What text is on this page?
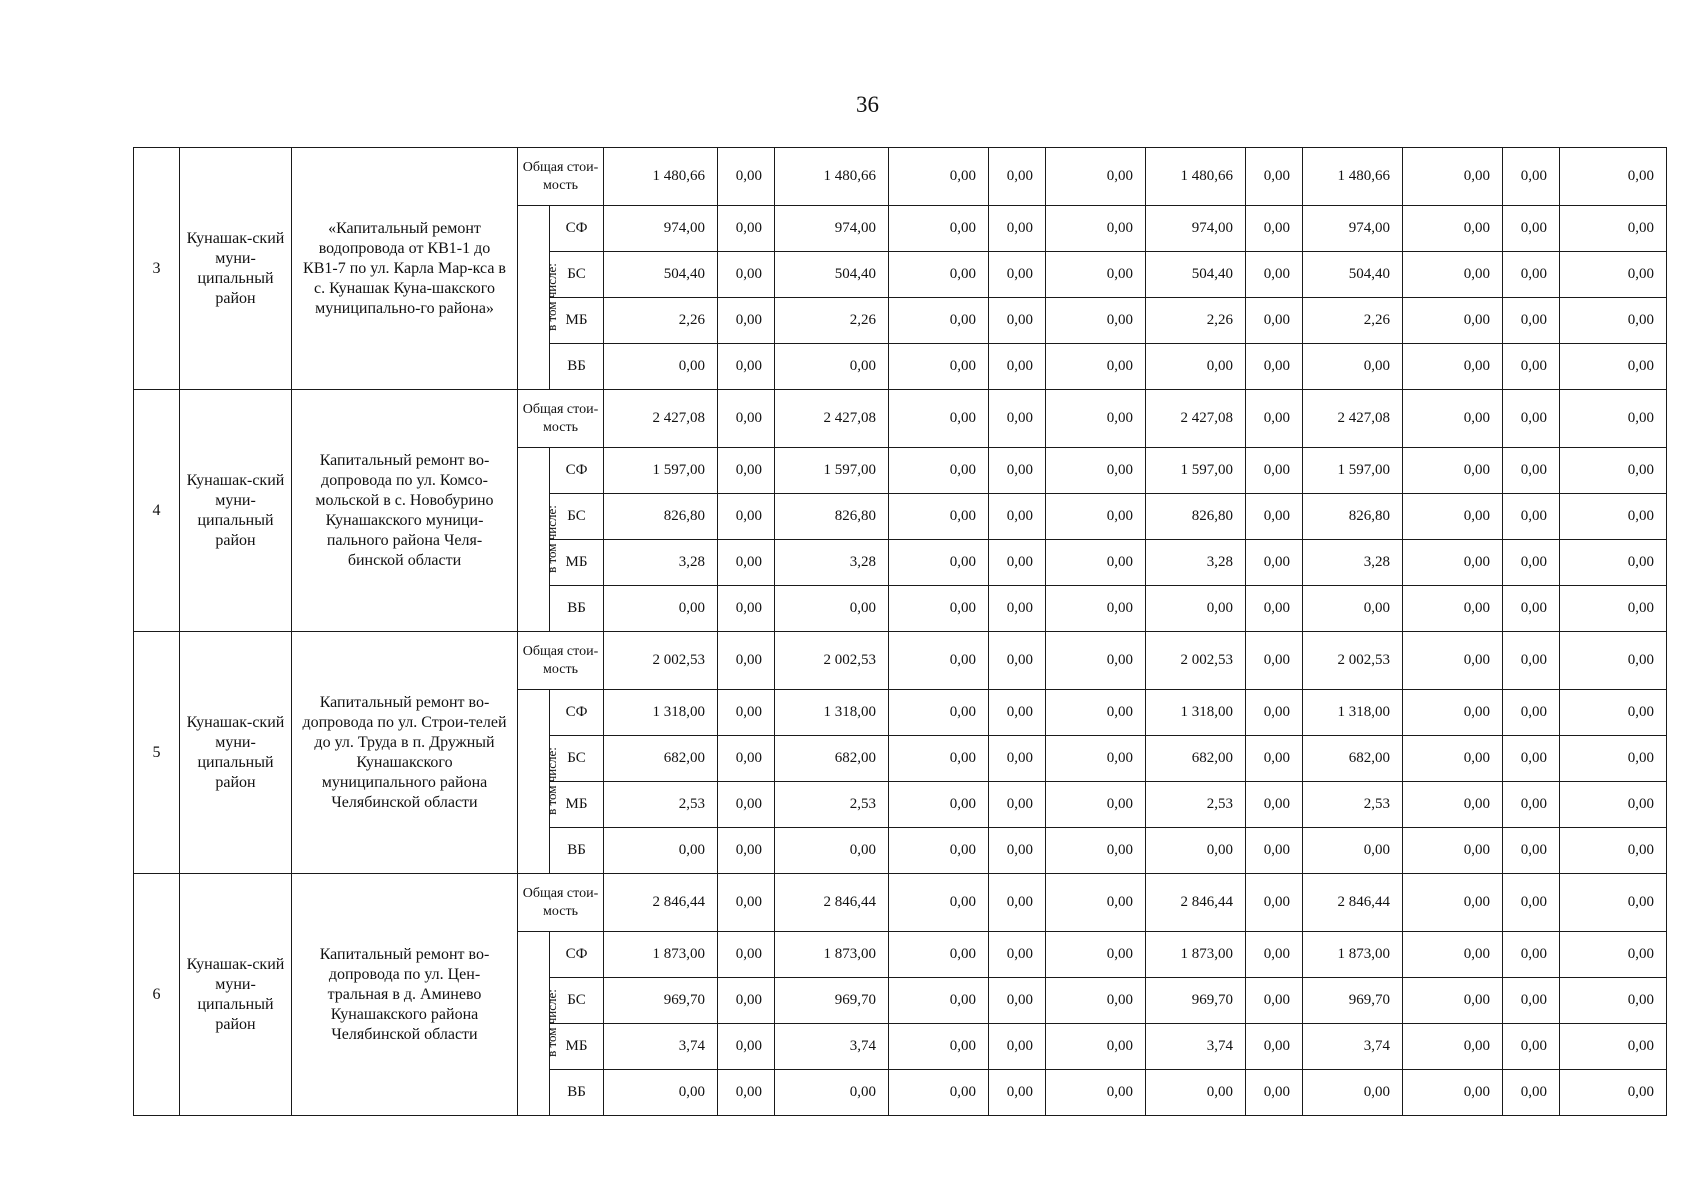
36
3	Кунашак-ский муни-ципальный район	«Капитальный ремонт водопровода от КВ1-1 до КВ1-7 по ул. Карла Мар-кса в с. Кунашак Куна-шакского муниципально-го района»	Общая стои-мость		1 480,66	0,00	1 480,66	0,00	0,00	0,00	1 480,66	0,00	1 480,66	0,00	0,00	0,00
			в том числе:	СФ	974,00	0,00	974,00	0,00	0,00	0,00	974,00	0,00	974,00	0,00	0,00	0,00
				БС	504,40	0,00	504,40	0,00	0,00	0,00	504,40	0,00	504,40	0,00	0,00	0,00
				МБ	2,26	0,00	2,26	0,00	0,00	0,00	2,26	0,00	2,26	0,00	0,00	0,00
				ВБ	0,00	0,00	0,00	0,00	0,00	0,00	0,00	0,00	0,00	0,00	0,00	0,00
4	Кунашак-ский муни-ципальный район	Капитальный ремонт во-допровода по ул. Комсо-мольской в с. Новобурино Кунашакского муници-пального района Челя-бинской области	Общая стои-мость		2 427,08	0,00	2 427,08	0,00	0,00	0,00	2 427,08	0,00	2 427,08	0,00	0,00	0,00
			в том числе:	СФ	1 597,00	0,00	1 597,00	0,00	0,00	0,00	1 597,00	0,00	1 597,00	0,00	0,00	0,00
				БС	826,80	0,00	826,80	0,00	0,00	0,00	826,80	0,00	826,80	0,00	0,00	0,00
				МБ	3,28	0,00	3,28	0,00	0,00	0,00	3,28	0,00	3,28	0,00	0,00	0,00
				ВБ	0,00	0,00	0,00	0,00	0,00	0,00	0,00	0,00	0,00	0,00	0,00	0,00
5	Кунашак-ский муни-ципальный район	Капитальный ремонт во-допровода по ул. Строи-телей до ул. Труда в п. Дружный Кунашакского муниципального района Челябинской области	Общая стои-мость		2 002,53	0,00	2 002,53	0,00	0,00	0,00	2 002,53	0,00	2 002,53	0,00	0,00	0,00
			в том числе:	СФ	1 318,00	0,00	1 318,00	0,00	0,00	0,00	1 318,00	0,00	1 318,00	0,00	0,00	0,00
				БС	682,00	0,00	682,00	0,00	0,00	0,00	682,00	0,00	682,00	0,00	0,00	0,00
				МБ	2,53	0,00	2,53	0,00	0,00	0,00	2,53	0,00	2,53	0,00	0,00	0,00
				ВБ	0,00	0,00	0,00	0,00	0,00	0,00	0,00	0,00	0,00	0,00	0,00	0,00
6	Кунашак-ский муни-ципальный район	Капитальный ремонт во-допровода по ул. Цен-тральная в д. Аминево Кунашакского района Челябинской области	Общая стои-мость		2 846,44	0,00	2 846,44	0,00	0,00	0,00	2 846,44	0,00	2 846,44	0,00	0,00	0,00
			в том числе:	СФ	1 873,00	0,00	1 873,00	0,00	0,00	0,00	1 873,00	0,00	1 873,00	0,00	0,00	0,00
				БС	969,70	0,00	969,70	0,00	0,00	0,00	969,70	0,00	969,70	0,00	0,00	0,00
				МБ	3,74	0,00	3,74	0,00	0,00	0,00	3,74	0,00	3,74	0,00	0,00	0,00
				ВБ	0,00	0,00	0,00	0,00	0,00	0,00	0,00	0,00	0,00	0,00	0,00	0,00
